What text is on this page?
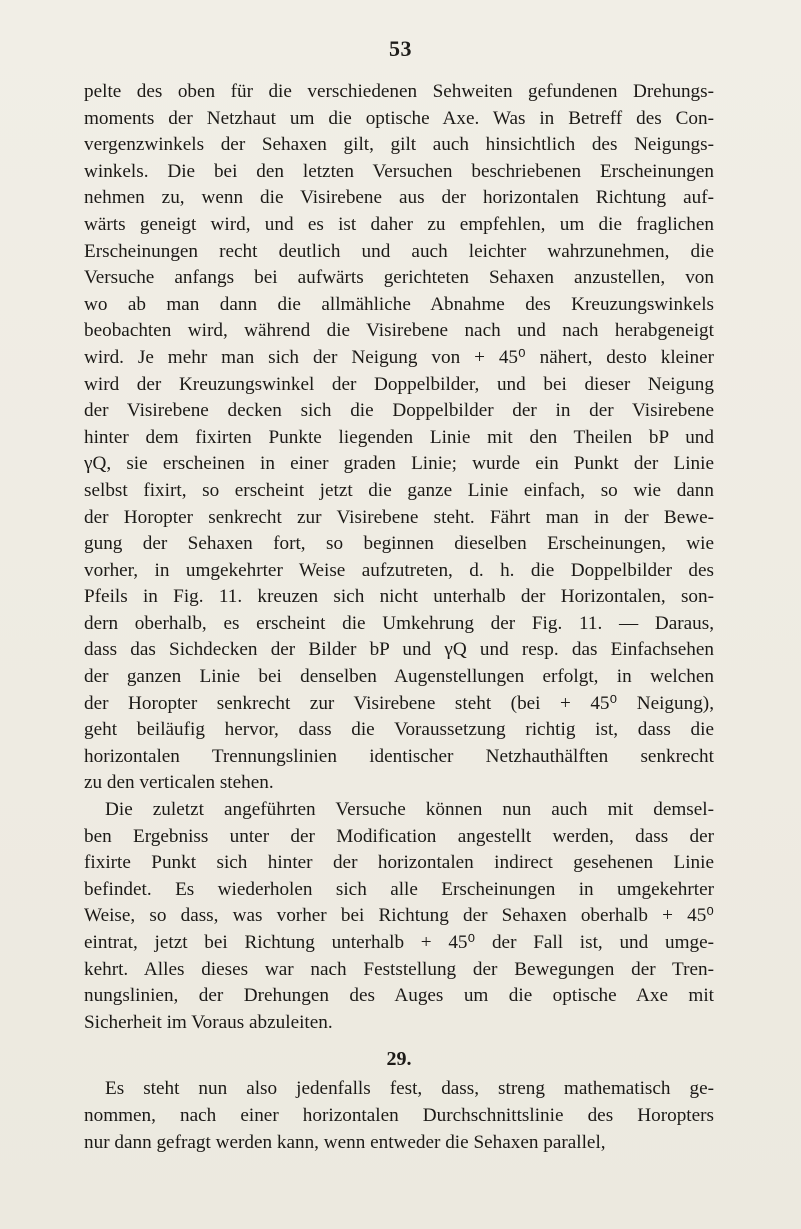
53
pelte des oben für die verschiedenen Sehweiten gefundenen Drehungs-
moments der Netzhaut um die optische Axe. Was in Betreff des Con-
vergenzwinkels der Sehaxen gilt, gilt auch hinsichtlich des Neigungs-
winkels. Die bei den letzten Versuchen beschriebenen Erscheinungen
nehmen zu, wenn die Visirebene aus der horizontalen Richtung auf-
wärts geneigt wird, und es ist daher zu empfehlen, um die fraglichen
Erscheinungen recht deutlich und auch leichter wahrzunehmen, die
Versuche anfangs bei aufwärts gerichteten Sehaxen anzustellen, von
wo ab man dann die allmähliche Abnahme des Kreuzungswinkels
beobachten wird, während die Visirebene nach und nach herabgeneigt
wird. Je mehr man sich der Neigung von + 45⁰ nähert, desto kleiner
wird der Kreuzungswinkel der Doppelbilder, und bei dieser Neigung
der Visirebene decken sich die Doppelbilder der in der Visirebene
hinter dem fixirten Punkte liegenden Linie mit den Theilen bP und
γQ, sie erscheinen in einer graden Linie; wurde ein Punkt der Linie
selbst fixirt, so erscheint jetzt die ganze Linie einfach, so wie dann
der Horopter senkrecht zur Visirebene steht. Fährt man in der Bewe-
gung der Sehaxen fort, so beginnen dieselben Erscheinungen, wie
vorher, in umgekehrter Weise aufzutreten, d. h. die Doppelbilder des
Pfeils in Fig. 11. kreuzen sich nicht unterhalb der Horizontalen, son-
dern oberhalb, es erscheint die Umkehrung der Fig. 11. — Daraus,
dass das Sichdecken der Bilder bP und γQ und resp. das Einfachsehen
der ganzen Linie bei denselben Augenstellungen erfolgt, in welchen
der Horopter senkrecht zur Visirebene steht (bei + 45⁰ Neigung),
geht beiläufig hervor, dass die Voraussetzung richtig ist, dass die
horizontalen Trennungslinien identischer Netzhauthälften senkrecht
zu den verticalen stehen.
Die zuletzt angeführten Versuche können nun auch mit demsel-
ben Ergebniss unter der Modification angestellt werden, dass der
fixirte Punkt sich hinter der horizontalen indirect gesehenen Linie
befindet. Es wiederholen sich alle Erscheinungen in umgekehrter
Weise, so dass, was vorher bei Richtung der Sehaxen oberhalb + 45⁰
eintrat, jetzt bei Richtung unterhalb + 45⁰ der Fall ist, und umge-
kehrt. Alles dieses war nach Feststellung der Bewegungen der Tren-
nungslinien, der Drehungen des Auges um die optische Axe mit
Sicherheit im Voraus abzuleiten.
29.
Es steht nun also jedenfalls fest, dass, streng mathematisch ge-
nommen, nach einer horizontalen Durchschnittslinie des Horopters
nur dann gefragt werden kann, wenn entweder die Sehaxen parallel,
